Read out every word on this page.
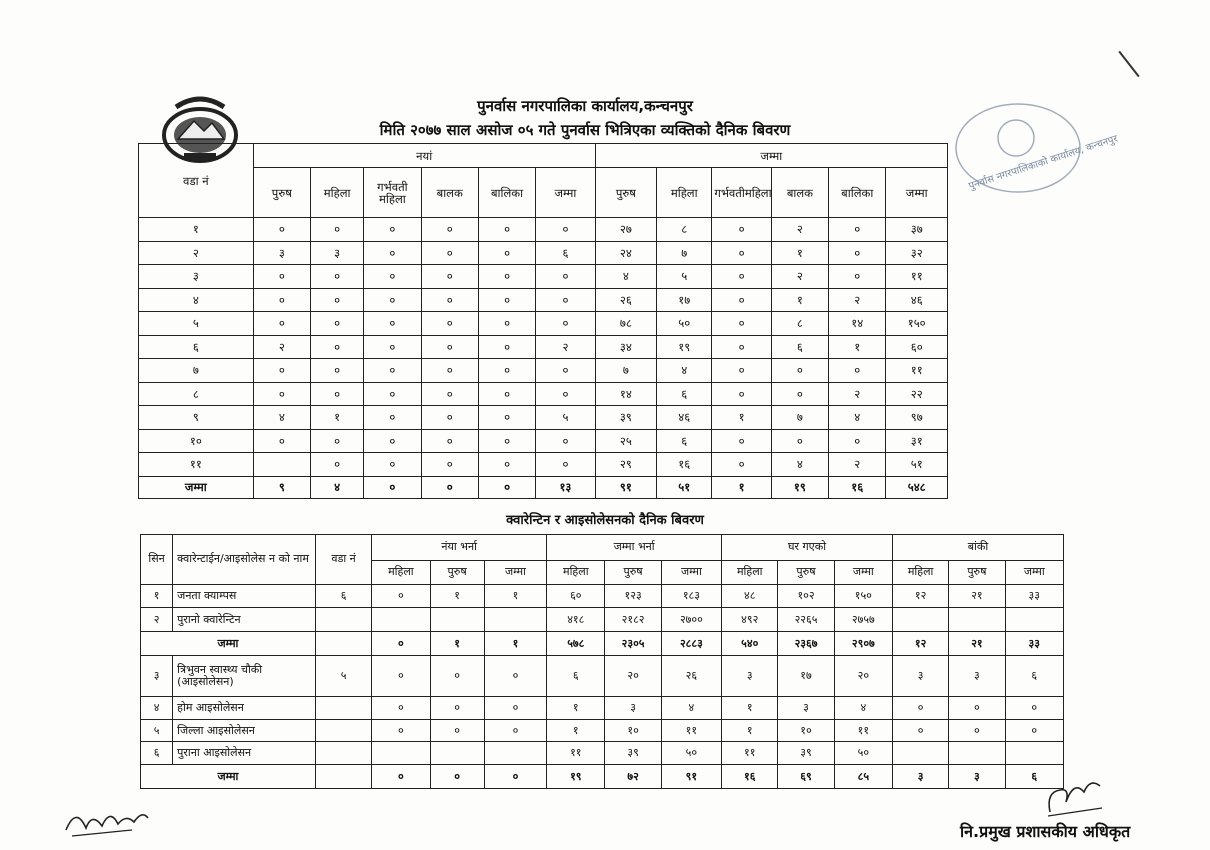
पुनर्वास नगरपालिका कार्यालय,कन्चनपुर
मिति २०७७ साल असोज ०५ गते पुनर्वास भित्रिएका व्यक्तिको दैनिक बिवरण
पुनर्वास नगरपालिकाको कार्यालय, कन्चनपुर
वडा नं	नयां						जम्मा					
	पुरुष	महिला	गर्भवती महिला	बालक	बालिका	जम्मा	पुरुष	महिला	गर्भवतीमहिला	बालक	बालिका	जम्मा
१	०	०	०	०	०	०	२७	८	०	२	०	३७
२	३	३	०	०	०	६	२४	७	०	१	०	३२
३	०	०	०	०	०	०	४	५	०	२	०	११
४	०	०	०	०	०	०	२६	१७	०	१	२	४६
५	०	०	०	०	०	०	७८	५०	०	८	१४	१५०
६	२	०	०	०	०	२	३४	१९	०	६	१	६०
७	०	०	०	०	०	०	७	४	०	०	०	११
८	०	०	०	०	०	०	१४	६	०	०	२	२२
९	४	१	०	०	०	५	३९	४६	१	७	४	९७
१०	०	०	०	०	०	०	२५	६	०	०	०	३१
११		०	०	०	०	०	२९	१६	०	४	२	५१
जम्मा	९	४	०	०	०	१३	९१	५१	१	१९	१६	५४८
क्वारेन्टिन र आइसोलेसनको दैनिक बिवरण
सिन	क्वारेन्टाईन/आइसोलेस न को नाम	वडा नं	नंया भर्ना			जम्मा भर्ना			घर गएको			बांकी		
			महिला	पुरुष	जम्मा	महिला	पुरुष	जम्मा	महिला	पुरुष	जम्मा	महिला	पुरुष	जम्मा
१	जनता क्याम्पस	६	०	१	१	६०	१२३	१८३	४८	१०२	१५०	१२	२१	३३
२	पुरानाे क्वारेन्टिन					४१८	२१८२	२७००	४९२	२२६५	२७५७			
जम्मा			०	१	१	५७८	२३०५	२८८३	५४०	२३६७	२९०७	१२	२१	३३
३	त्रिभुवन स्वास्थ्य चौकी (आइसोलेसन)	५	०	०	०	६	२०	२६	३	१७	२०	३	३	६
४	होम आइसोलेसन		०	०	०	१	३	४	१	३	४	०	०	०
५	जिल्ला आइसोलेसन		०	०	०	१	१०	११	१	१०	११	०	०	०
६	पुराना आइसोलेसन					११	३९	५०	११	३९	५०			
जम्मा			०	०	०	१९	७२	९१	१६	६९	८५	३	३	६
नि.प्रमुख प्रशासकीय अधिकृत
